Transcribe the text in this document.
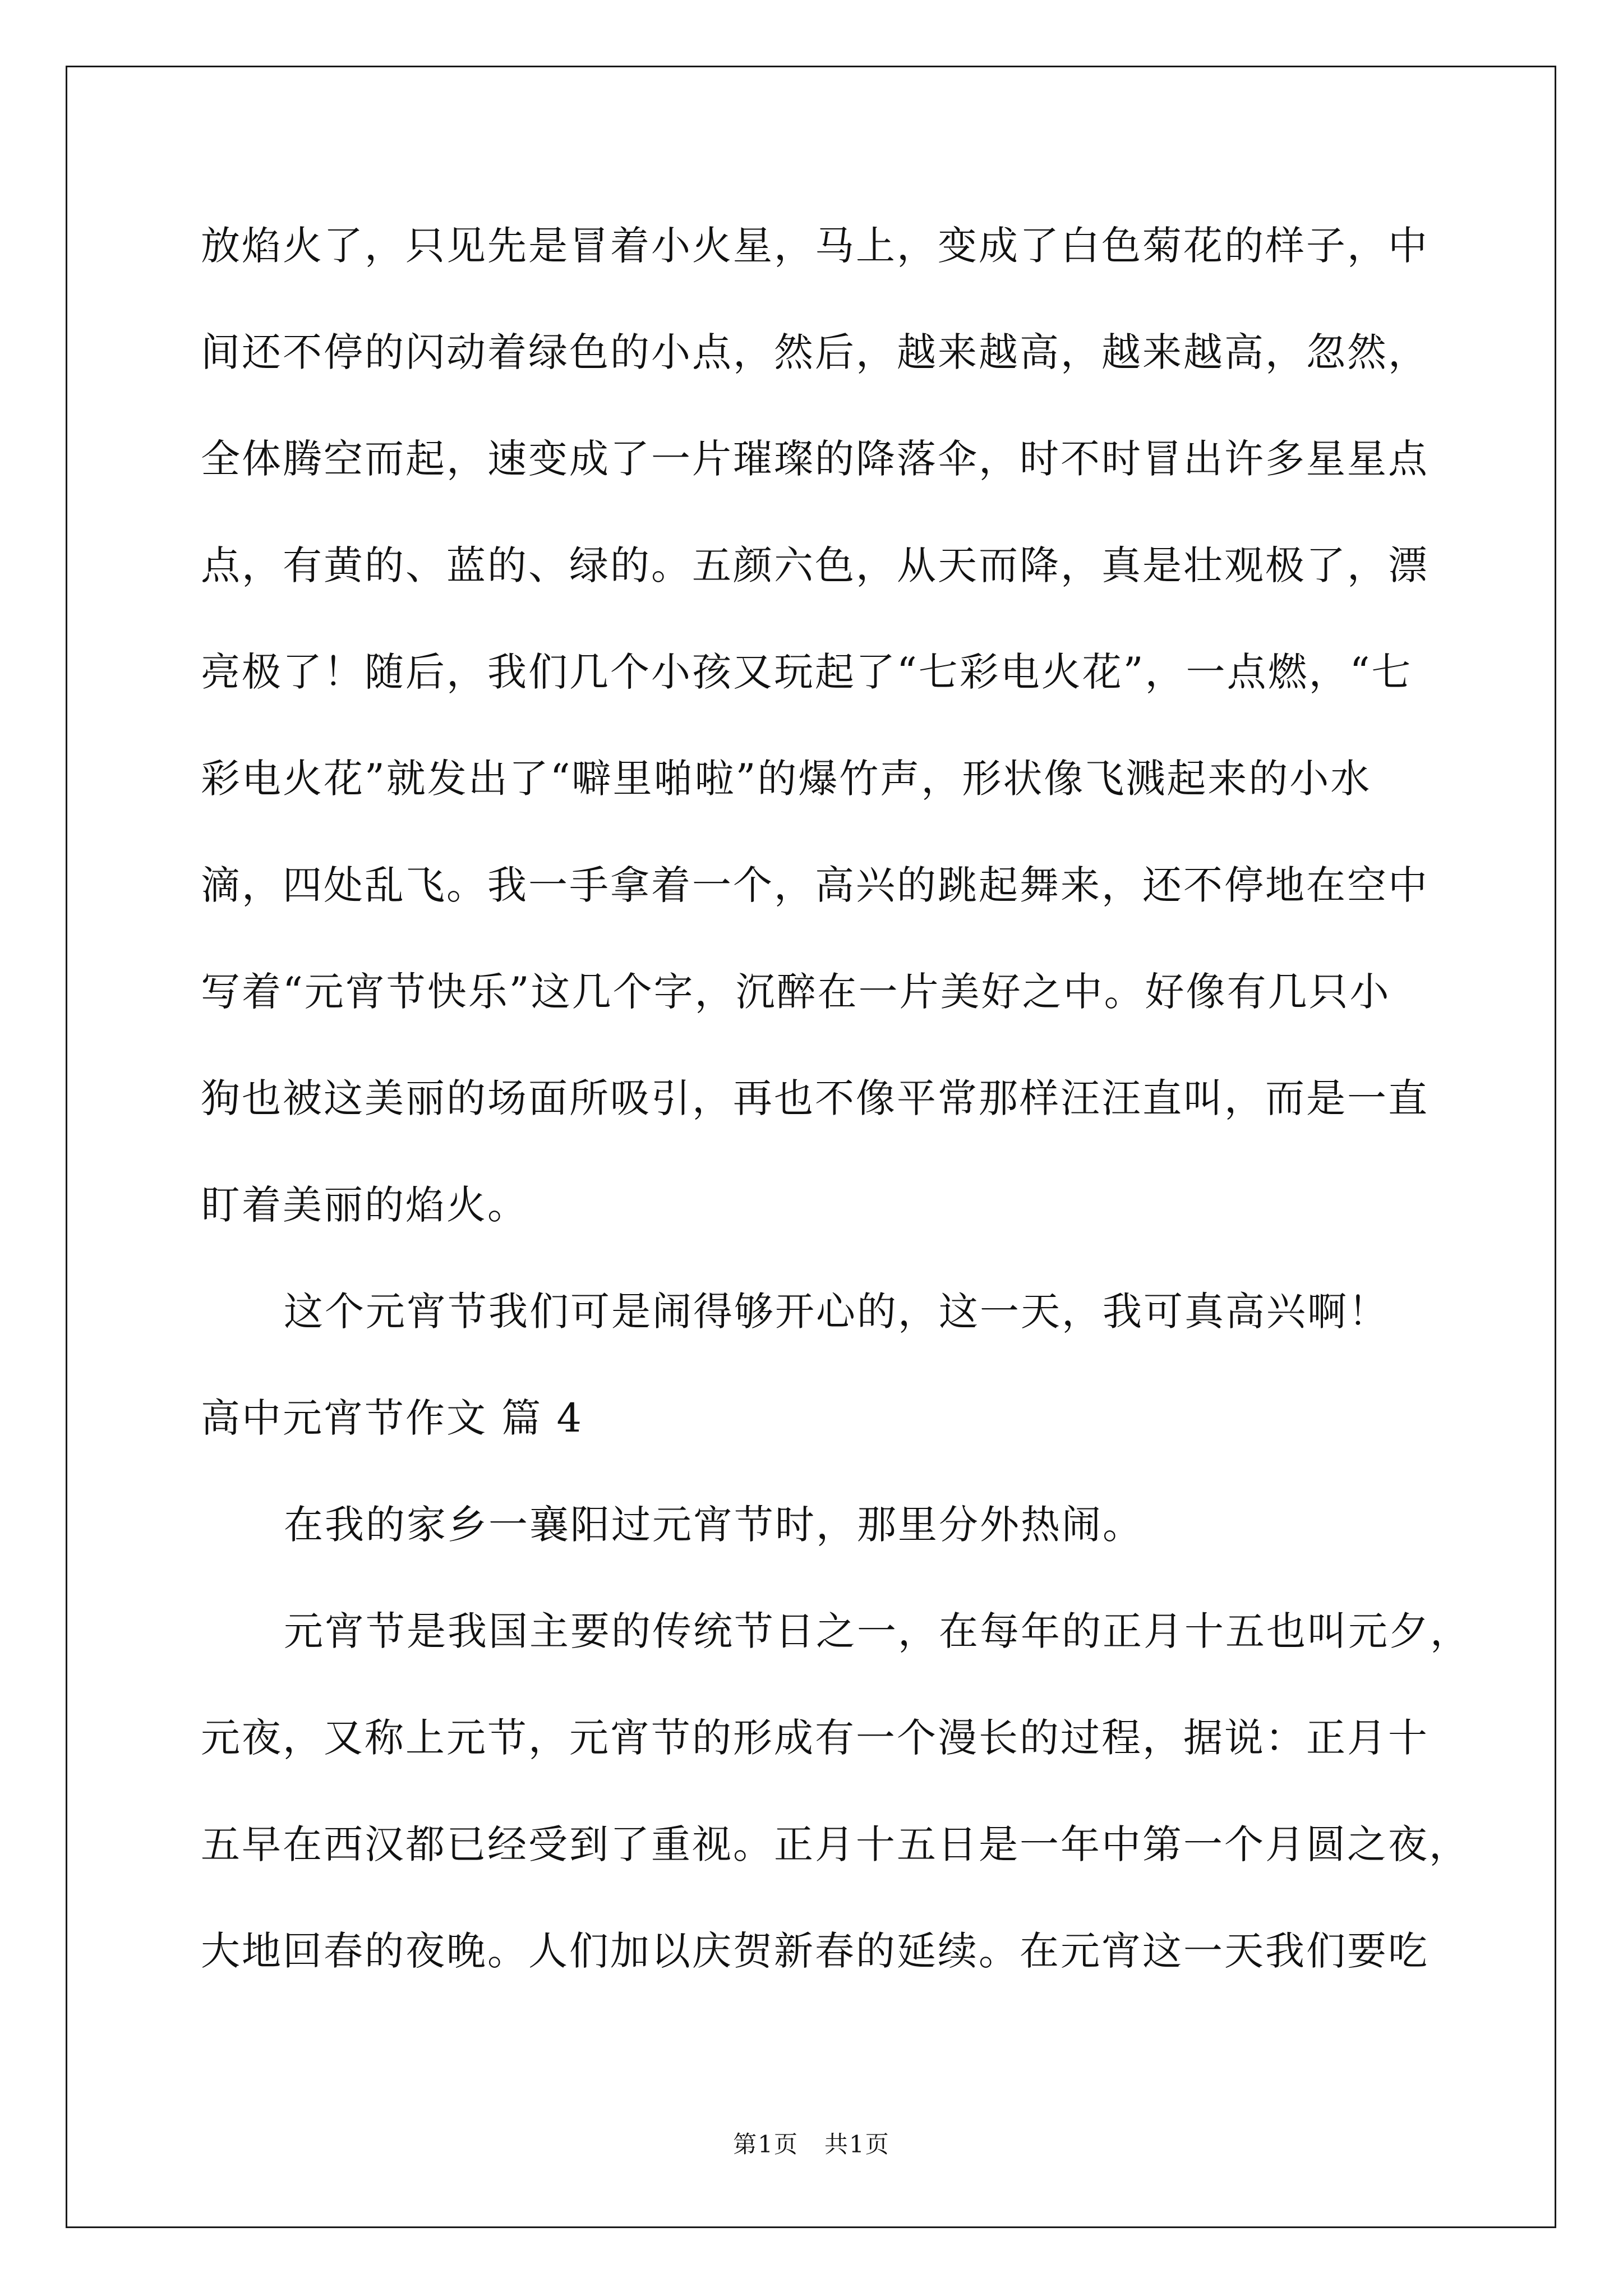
放焰火了，只见先是冒着小火星，马上，变成了白色菊花的样子，中
间还不停的闪动着绿色的小点，然后，越来越高，越来越高，忽然，
全体腾空而起，速变成了一片璀璨的降落伞，时不时冒出许多星星点
点，有黄的、蓝的、绿的。五颜六色，从天而降，真是壮观极了，漂
亮极了！随后，我们几个小孩又玩起了“七彩电火花”，一点燃，“七
彩电火花”就发出了“噼里啪啦”的爆竹声，形状像飞溅起来的小水
滴，四处乱飞。我一手拿着一个，高兴的跳起舞来，还不停地在空中
写着“元宵节快乐”这几个字，沉醉在一片美好之中。好像有几只小
狗也被这美丽的场面所吸引，再也不像平常那样汪汪直叫，而是一直
盯着美丽的焰火。
这个元宵节我们可是闹得够开心的，这一天，我可真高兴啊！
高中元宵节作文 篇 4
在我的家乡一襄阳过元宵节时，那里分外热闹。
元宵节是我国主要的传统节日之一，在每年的正月十五也叫元夕，
元夜，又称上元节，元宵节的形成有一个漫长的过程，据说：正月十
五早在西汉都已经受到了重视。正月十五日是一年中第一个月圆之夜，
大地回春的夜晚。人们加以庆贺新春的延续。在元宵这一天我们要吃
第1页   共1页
